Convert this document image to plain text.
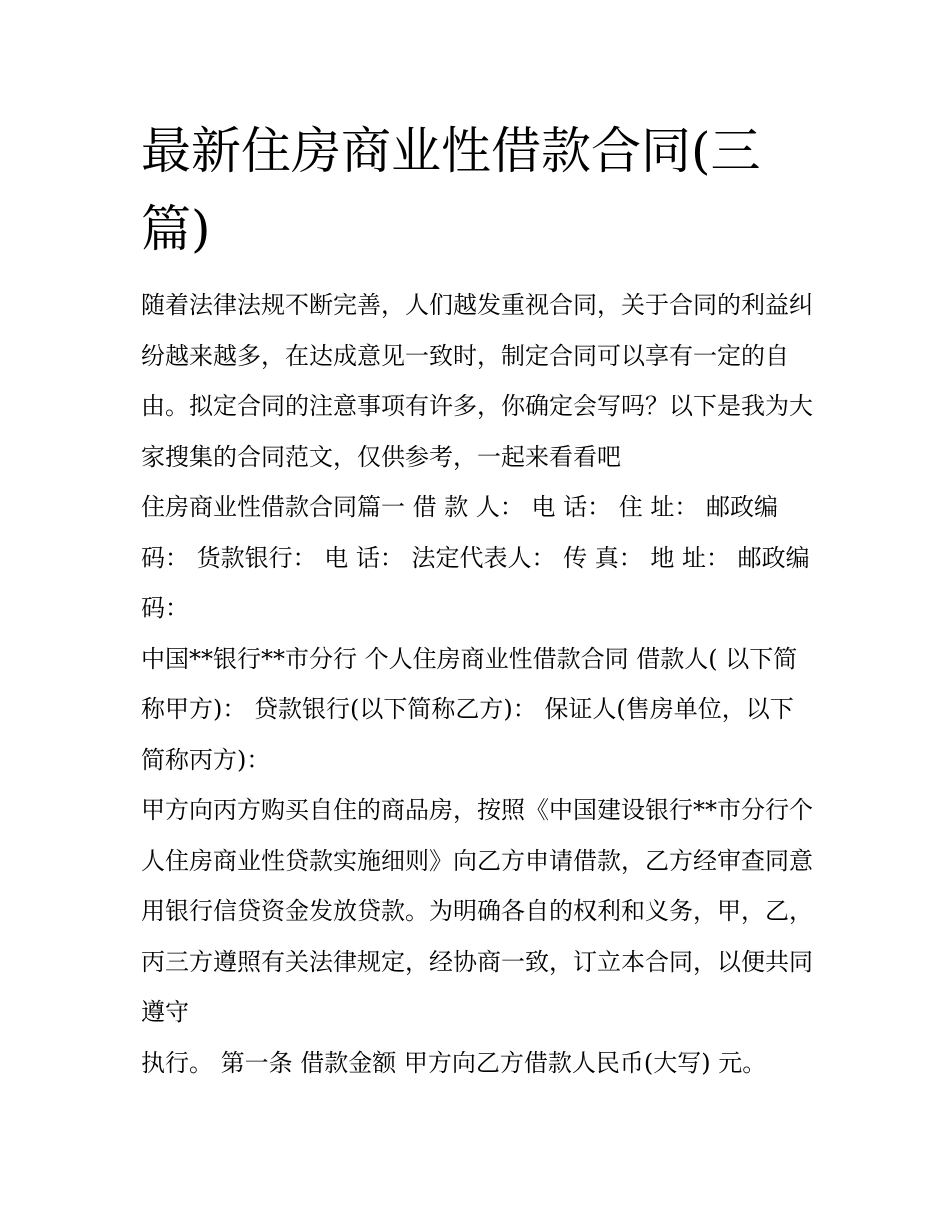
最新住房商业性借款合同(三篇)

随着法律法规不断完善，人们越发重视合同，关于合同的利益纠纷越来越多，在达成意见一致时，制定合同可以享有一定的自由。拟定合同的注意事项有许多，你确定会写吗？以下是我为大家搜集的合同范文，仅供参考，一起来看看吧

住房商业性借款合同篇一 借 款 人： 电 话： 住 址： 邮政编码： 货款银行： 电 话： 法定代表人： 传 真： 地 址： 邮政编码：

中国**银行**市分行 个人住房商业性借款合同 借款人( 以下简称甲方)： 贷款银行(以下简称乙方)： 保证人(售房单位，以下简称丙方)：

甲方向丙方购买自住的商品房，按照《中国建设银行**市分行个人住房商业性贷款实施细则》向乙方申请借款，乙方经审查同意用银行信贷资金发放贷款。为明确各自的权利和义务，甲，乙，丙三方遵照有关法律规定，经协商一致，订立本合同，以便共同遵守

执行。 第一条 借款金额 甲方向乙方借款人民币(大写) 元。
